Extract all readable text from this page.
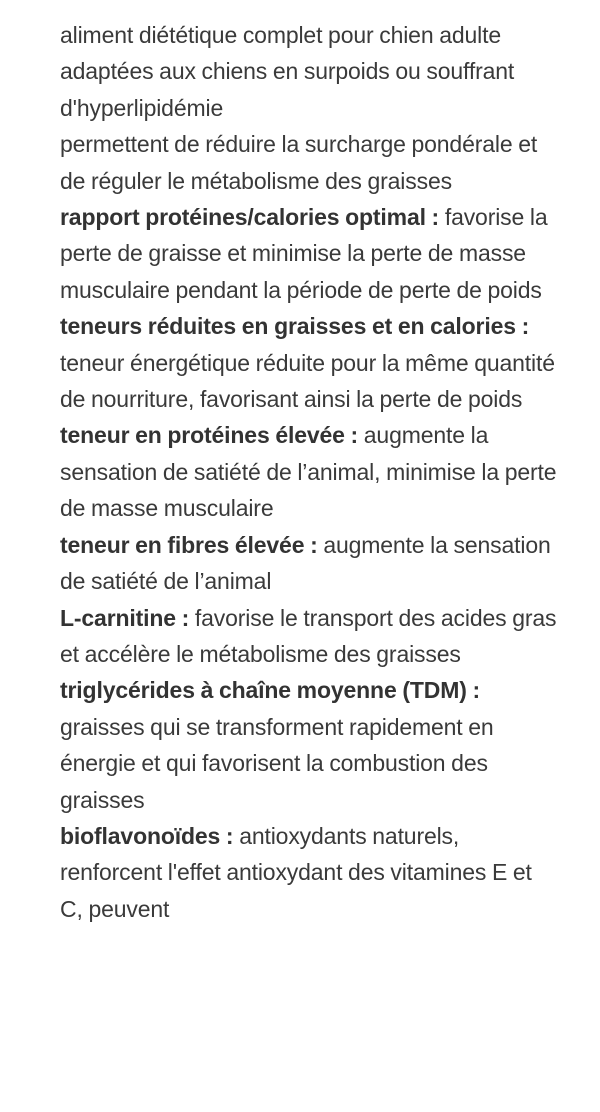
aliment diététique complet pour chien adulte

adaptées aux chiens en surpoids ou souffrant d'hyperlipidémie

permettent de réduire la surcharge pondérale et de réguler le métabolisme des graisses

rapport protéines/calories optimal : favorise la perte de graisse et minimise la perte de masse musculaire pendant la période de perte de poids

teneurs réduites en graisses et en calories : teneur énergétique réduite pour la même quantité de nourriture, favorisant ainsi la perte de poids

teneur en protéines élevée : augmente la sensation de satiété de l’animal, minimise la perte de masse musculaire

teneur en fibres élevée : augmente la sensation de satiété de l’animal

L-carnitine : favorise le transport des acides gras et accélère le métabolisme des graisses

triglycérides à chaîne moyenne (TDM) : graisses qui se transforment rapidement en énergie et qui favorisent la combustion des graisses

bioflavonoïdes : antioxydants naturels, renforcent l'effet antioxydant des vitamines E et C, peuvent
